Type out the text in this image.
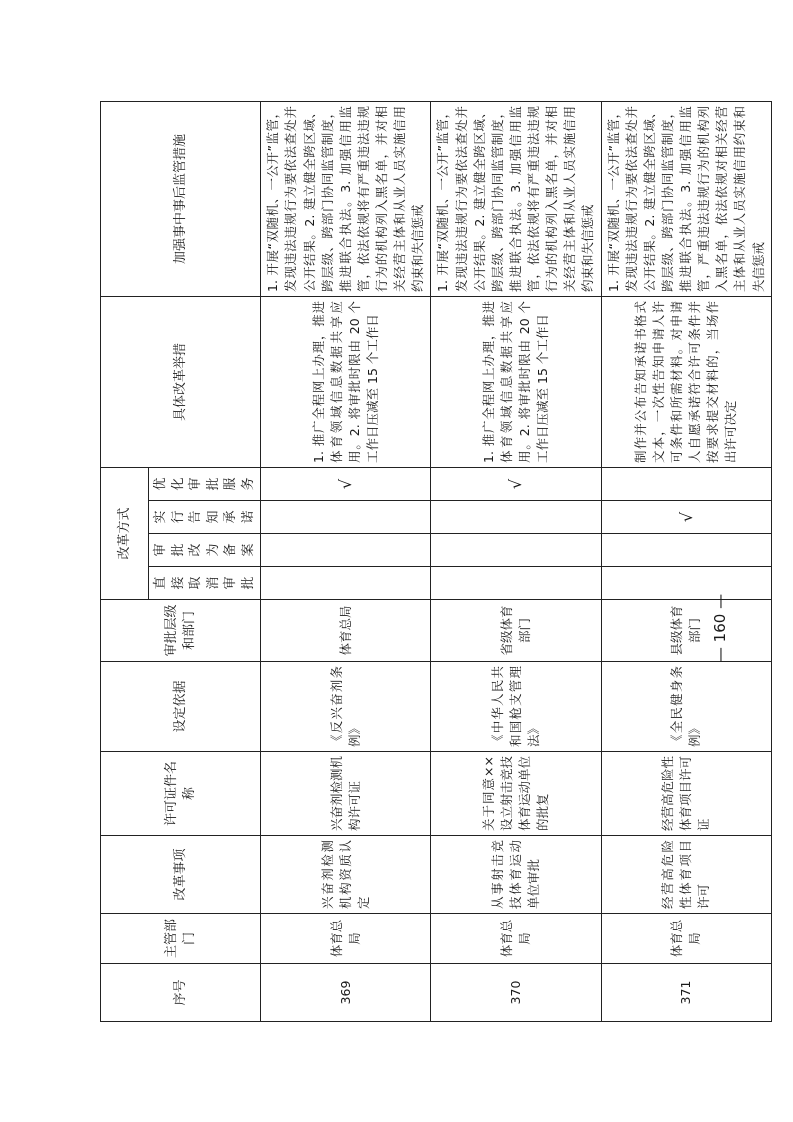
序号	主管部门	改革事项	许可证件名称	设定依据	审批层级和部门	改革方式				具体改革举措	加强事中事后监管措施
						直接取消审批	审批改为备案	实行告知承诺	优化审批服务		
369	体育总局	兴奋剂检测机构资质认定	兴奋剂检测机构许可证	《反兴奋剂条例》	体育总局				√	1. 推广全程网上办理，推进体育领域信息数据共享应用。2. 将审批时限由 20 个工作日压减至 15 个工作日	1. 开展“双随机、一公开”监管，发现违法违规行为要依法查处并公开结果。2. 建立健全跨区域、跨层级、跨部门协同监管制度，推进联合执法。3. 加强信用监管，依法依规将有严重违法违规行为的机构列入黑名单，并对相关经营主体和从业人员实施信用约束和失信惩戒
370	体育总局	从事射击竞技体育运动单位审批	关于同意××设立射击竞技体育运动单位的批复	《中华人民共和国枪支管理法》	省级体育部门				√	1. 推广全程网上办理，推进体育领域信息数据共享应用。2. 将审批时限由 20 个工作日压减至 15 个工作日	1. 开展“双随机、一公开”监管，发现违法违规行为要依法查处并公开结果。2. 建立健全跨区域、跨层级、跨部门协同监管制度，推进联合执法。3. 加强信用监管，依法依规将有严重违法违规行为的机构列入黑名单，并对相关经营主体和从业人员实施信用约束和失信惩戒
371	体育总局	经营高危险性体育项目许可	经营高危险性体育项目许可证	《全民健身条例》	县级体育部门			√		制作并公布告知承诺书格式文本，一次性告知申请人许可条件和所需材料。对申请人自愿承诺符合许可条件并按要求提交材料的，当场作出许可决定	1. 开展“双随机、一公开”监管，发现违法违规行为要依法查处并公开结果。2. 建立健全跨区域、跨层级、跨部门协同监管制度，推进联合执法。3. 加强信用监管，严重违法违规行为的机构列入黑名单，依法依规对相关经营主体和从业人员实施信用约束和失信惩戒
— 160 —
